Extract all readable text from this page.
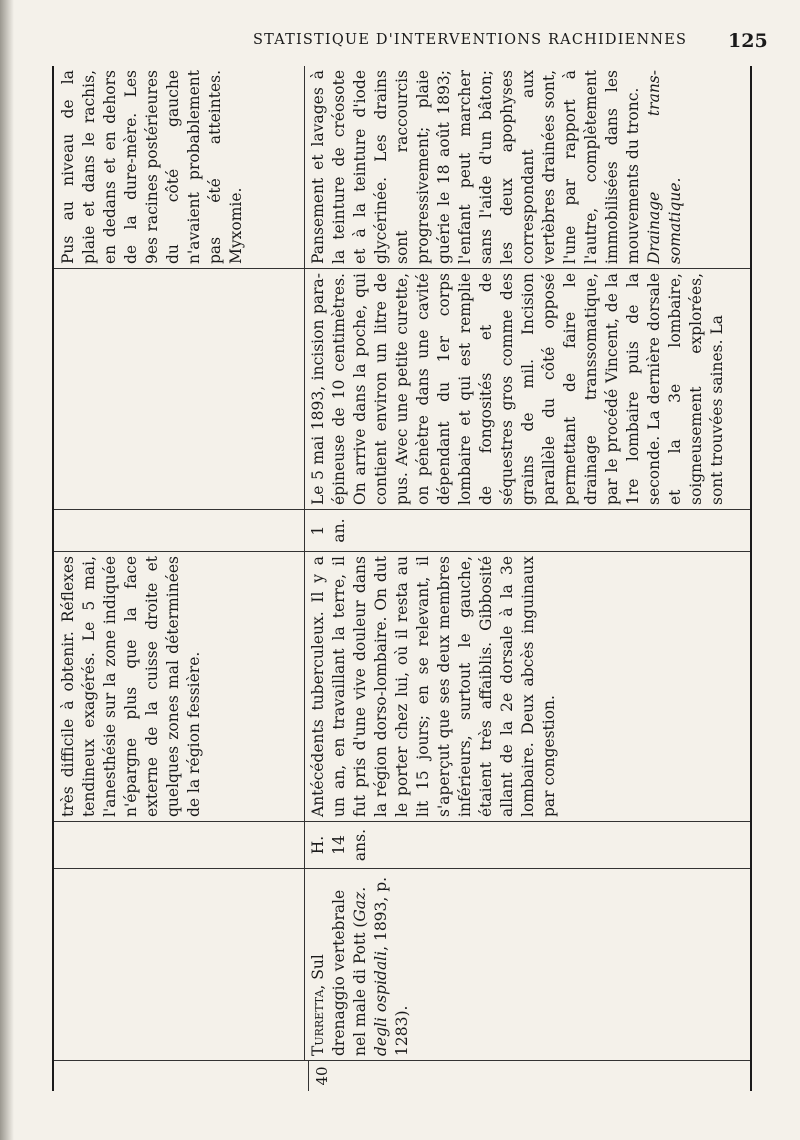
STATISTIQUE D'INTERVENTIONS RACHIDIENNES 125
40
Turretta, Sul drenaggio vertebrale nel male di Pott (Gaz. degli ospidali, 1893, p. 1283).

H. 14 ans.

très difficile à obtenir. Réflexes tendineux exagérés. Le 5 mai, l'anesthésie sur la zone indiquée n'épargne plus que la face externe de la cuisse droite et quelques zones mal déterminées de la région fessière.	Antécédents tuberculeux. Il y a un an, en travaillant la terre, il fut pris d'une vive douleur dans la région dorso-lombaire. On dut le porter chez lui, où il resta au lit 15 jours; en se relevant, il s'aperçut que ses deux membres inférieurs, surtout le gauche, étaient très affaiblis. Gibbosité allant de la 2e dorsale à la 3e lombaire. Deux abcès inguinaux par congestion.
1 an.
Le 5 mai 1893, incision para-épineuse de 10 centimètres. On arrive dans la poche, qui contient environ un litre de pus. Avec une petite curette, on pénètre dans une cavité dépendant du 1er corps lombaire et qui est remplie de fongosités et de séquestres gros comme des grains de mil. Incision parallèle du côté opposé permettant de faire le drainage transsomatique, par le procédé Vincent, de la 1re lombaire puis de la seconde. La dernière dorsale et la 3e lombaire, soigneusement explorées, sont trouvées saines. La
Pus au niveau de la plaie et dans le rachis, en dedans et en dehors de la dure-mère. Les 9es racines postérieures du côté gauche n'avaient probablement pas été atteintes. Myxomie.	Pansement et lavages à la teinture de créosote et à la teinture d'iode glycérinée. Les drains sont raccourcis progressivement; plaie guérie le 18 août 1893; l'enfant peut marcher sans l'aide d'un bâton; les deux apophyses correspondant aux vertèbres drainées sont, l'une par rapport à l'autre, complètement immobilisées dans les mouvements du tronc. Drainage trans-somatique.
